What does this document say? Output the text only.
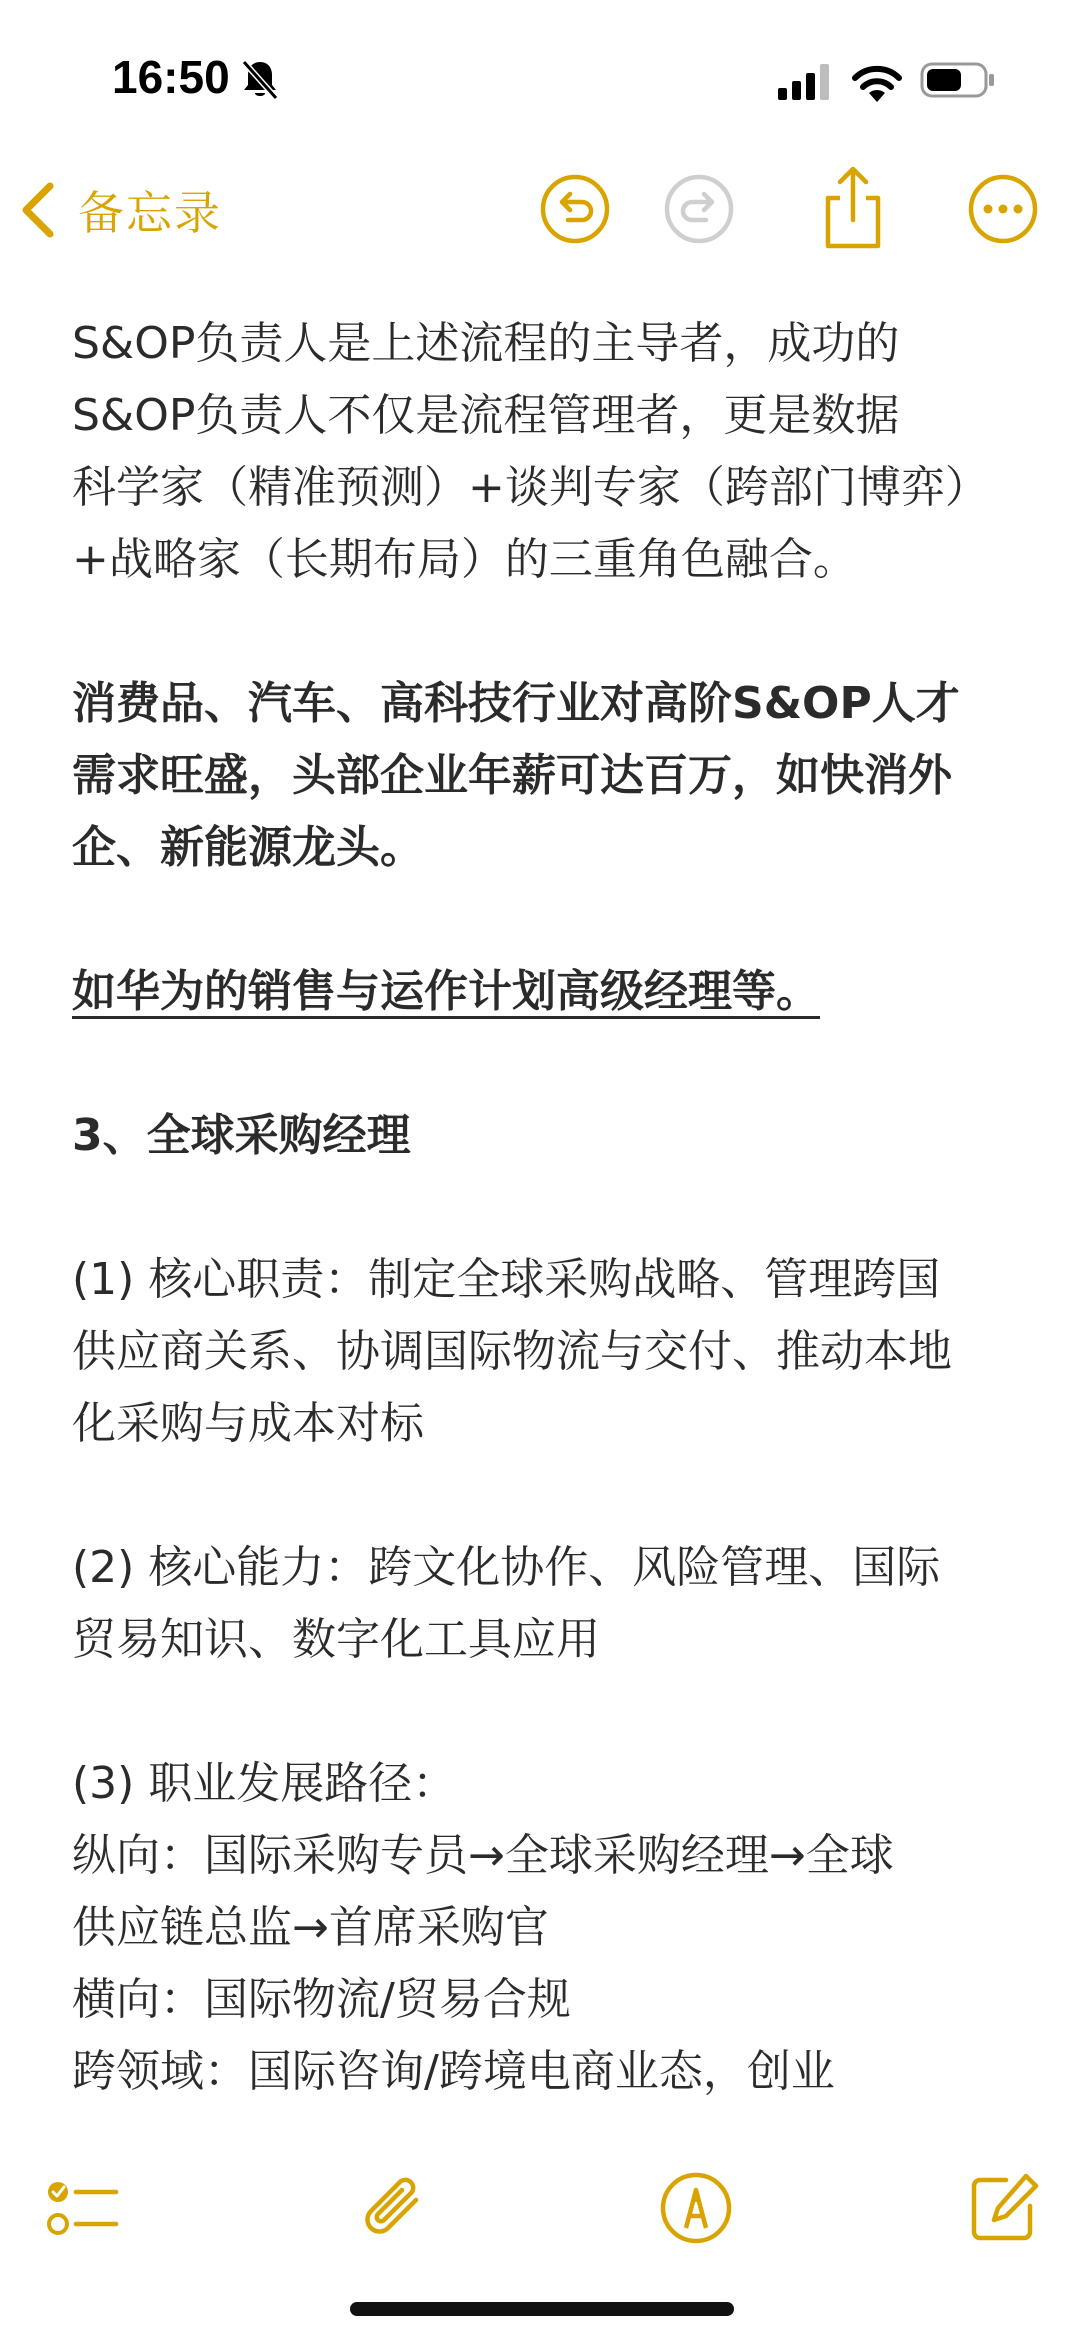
16:50
备忘录

S&OP负责人是上述流程的主导者，成功的
S&OP负责人不仅是流程管理者，更是数据
科学家（精准预测）+谈判专家（跨部门博弈）
+战略家（长期布局）的三重角色融合。

消费品、汽车、高科技行业对高阶S&OP人才
需求旺盛，头部企业年薪可达百万，如快消外
企、新能源龙头。

如华为的销售与运作计划高级经理等。

3、全球采购经理

(1) 核心职责：制定全球采购战略、管理跨国
供应商关系、协调国际物流与交付、推动本地
化采购与成本对标

(2) 核心能力：跨文化协作、风险管理、国际
贸易知识、数字化工具应用

(3) 职业发展路径：
纵向：国际采购专员→全球采购经理→全球
供应链总监→首席采购官
横向：国际物流/贸易合规
跨领域：国际咨询/跨境电商业态，创业
